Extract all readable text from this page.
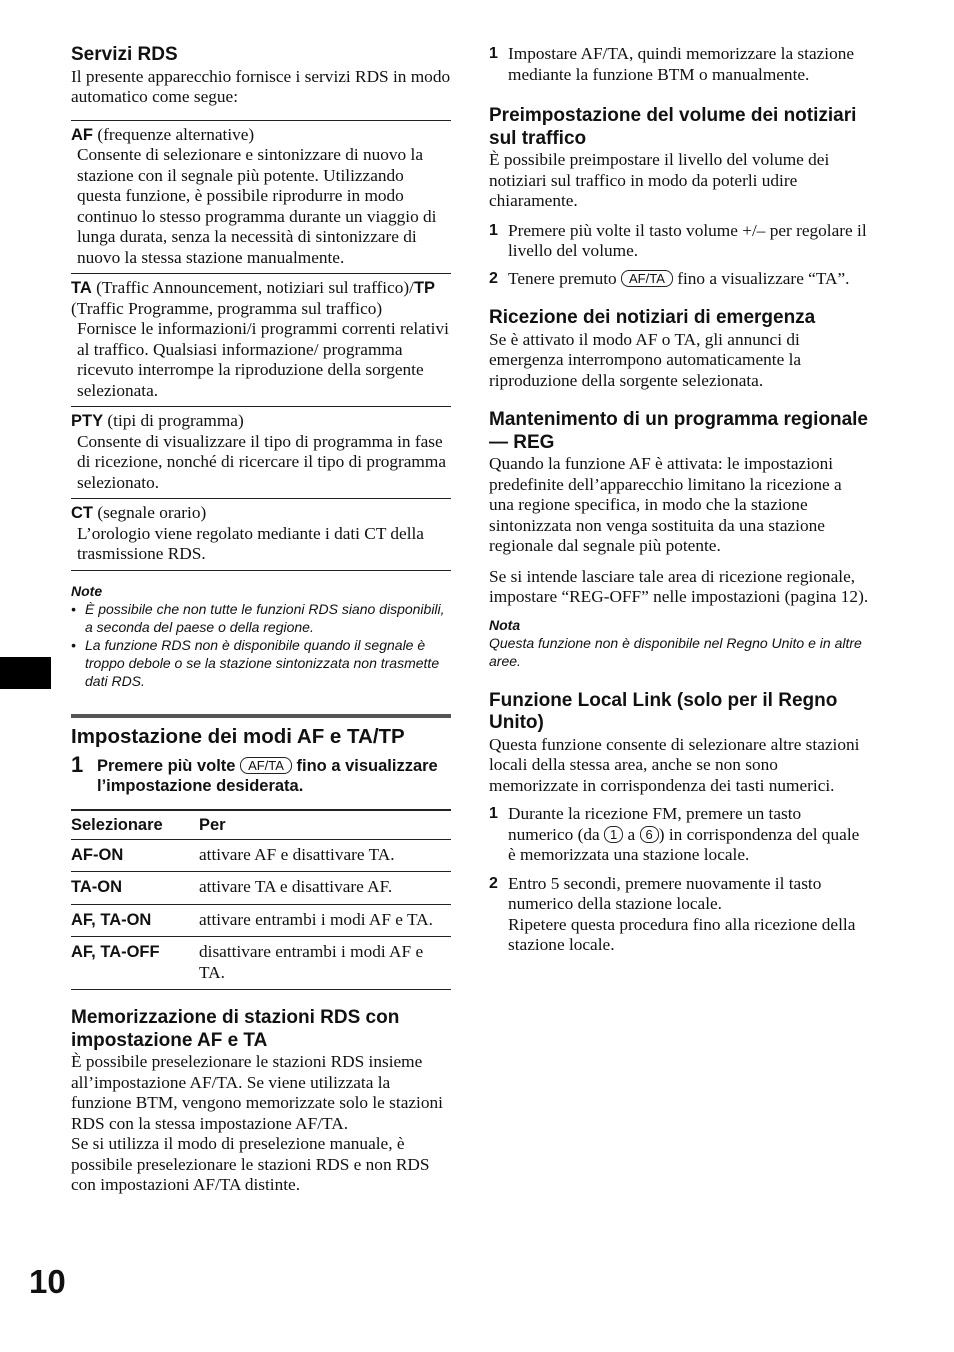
Servizi RDS
Il presente apparecchio fornisce i servizi RDS in modo automatico come segue:
AF (frequenze alternative)
Consente di selezionare e sintonizzare di nuovo la stazione con il segnale più potente. Utilizzando questa funzione, è possibile riprodurre in modo continuo lo stesso programma durante un viaggio di lunga durata, senza la necessità di sintonizzare di nuovo la stessa stazione manualmente.
TA (Traffic Announcement, notiziari sul traffico)/TP (Traffic Programme, programma sul traffico)
Fornisce le informazioni/i programmi correnti relativi al traffico. Qualsiasi informazione/ programma ricevuto interrompe la riproduzione della sorgente selezionata.
PTY (tipi di programma)
Consente di visualizzare il tipo di programma in fase di ricezione, nonché di ricercare il tipo di programma selezionato.
CT (segnale orario)
L’orologio viene regolato mediante i dati CT della trasmissione RDS.
Note
• È possibile che non tutte le funzioni RDS siano disponibili, a seconda del paese o della regione.
• La funzione RDS non è disponibile quando il segnale è troppo debole o se la stazione sintonizzata non trasmette dati RDS.
Impostazione dei modi AF e TA/TP
1 Premere più volte AF/TA fino a visualizzare l’impostazione desiderata.
Selezionare	Per
AF-ON	attivare AF e disattivare TA.
TA-ON	attivare TA e disattivare AF.
AF, TA-ON	attivare entrambi i modi AF e TA.
AF, TA-OFF	disattivare entrambi i modi AF e TA.
Memorizzazione di stazioni RDS con impostazione AF e TA
È possibile preselezionare le stazioni RDS insieme all’impostazione AF/TA. Se viene utilizzata la funzione BTM, vengono memorizzate solo le stazioni RDS con la stessa impostazione AF/TA.
Se si utilizza il modo di preselezione manuale, è possibile preselezionare le stazioni RDS e non RDS con impostazioni AF/TA distinte.
1 Impostare AF/TA, quindi memorizzare la stazione mediante la funzione BTM o manualmente.
Preimpostazione del volume dei notiziari sul traffico
È possibile preimpostare il livello del volume dei notiziari sul traffico in modo da poterli udire chiaramente.
1 Premere più volte il tasto volume +/– per regolare il livello del volume.
2 Tenere premuto AF/TA fino a visualizzare “TA”.
Ricezione dei notiziari di emergenza
Se è attivato il modo AF o TA, gli annunci di emergenza interrompono automaticamente la riproduzione della sorgente selezionata.
Mantenimento di un programma regionale — REG
Quando la funzione AF è attivata: le impostazioni predefinite dell’apparecchio limitano la ricezione a una regione specifica, in modo che la stazione sintonizzata non venga sostituita da una stazione regionale dal segnale più potente.
Se si intende lasciare tale area di ricezione regionale, impostare “REG-OFF” nelle impostazioni (pagina 12).
Nota
Questa funzione non è disponibile nel Regno Unito e in altre aree.
Funzione Local Link (solo per il Regno Unito)
Questa funzione consente di selezionare altre stazioni locali della stessa area, anche se non sono memorizzate in corrispondenza dei tasti numerici.
1 Durante la ricezione FM, premere un tasto numerico (da 1 a 6 ) in corrispondenza del quale è memorizzata una stazione locale.
2 Entro 5 secondi, premere nuovamente il tasto numerico della stazione locale.
Ripetere questa procedura fino alla ricezione della stazione locale.
10
